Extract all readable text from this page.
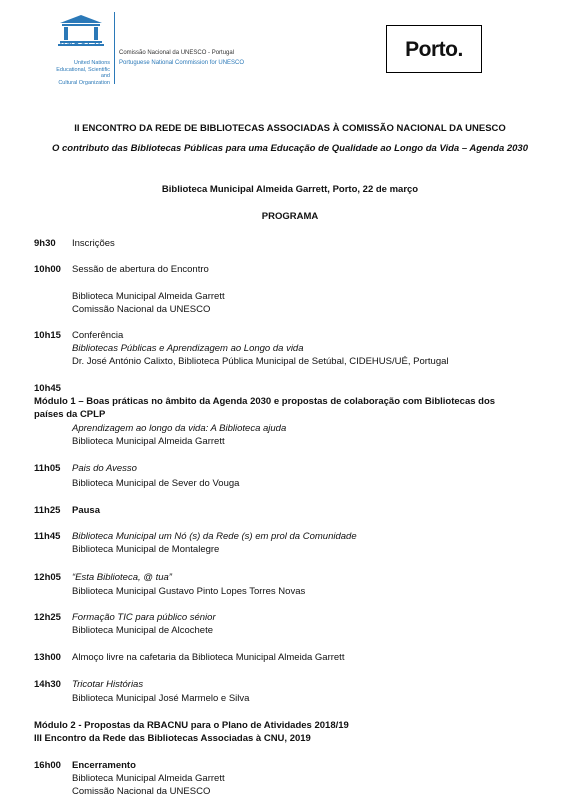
UNESCO
United Nations
Educational, Scientific and
Cultural Organization
Comissão Nacional da UNESCO - Portugal
Portuguese National Commission for UNESCO
Porto.
II ENCONTRO DA REDE DE BIBLIOTECAS ASSOCIADAS À COMISSÃO NACIONAL DA UNESCO
O contributo das Bibliotecas Públicas para uma Educação de Qualidade ao Longo da Vida – Agenda 2030
Biblioteca Municipal Almeida Garrett, Porto, 22 de março
PROGRAMA
9h30 Inscrições
10h00 Sessão de abertura do Encontro
Biblioteca Municipal Almeida Garrett
Comissão Nacional da UNESCO
10h15 Conferência
Bibliotecas Públicas e Aprendizagem ao Longo da vida
Dr. José António Calixto, Biblioteca Pública Municipal de Setúbal, CIDEHUS/UÉ, Portugal
10h45
Módulo 1 – Boas práticas no âmbito da Agenda 2030 e propostas de colaboração com Bibliotecas dos países da CPLP
Aprendizagem ao longo da vida: A Biblioteca ajuda
Biblioteca Municipal Almeida Garrett
11h05 Pais do Avesso
Biblioteca Municipal de Sever do Vouga
11h25 Pausa
11h45 Biblioteca Municipal um Nó (s) da Rede (s) em prol da Comunidade
Biblioteca Municipal de Montalegre
12h05 “Esta Biblioteca, @ tua”
Biblioteca Municipal Gustavo Pinto Lopes Torres Novas
12h25 Formação TIC para público sénior
Biblioteca Municipal de Alcochete
13h00 Almoço livre na cafetaria da Biblioteca Municipal Almeida Garrett
14h30 Tricotar Histórias
Biblioteca Municipal José Marmelo e Silva
Módulo 2 - Propostas da RBACNU para o Plano de Atividades 2018/19
III Encontro da Rede das Bibliotecas Associadas à CNU, 2019
16h00 Encerramento
Biblioteca Municipal Almeida Garrett
Comissão Nacional da UNESCO
